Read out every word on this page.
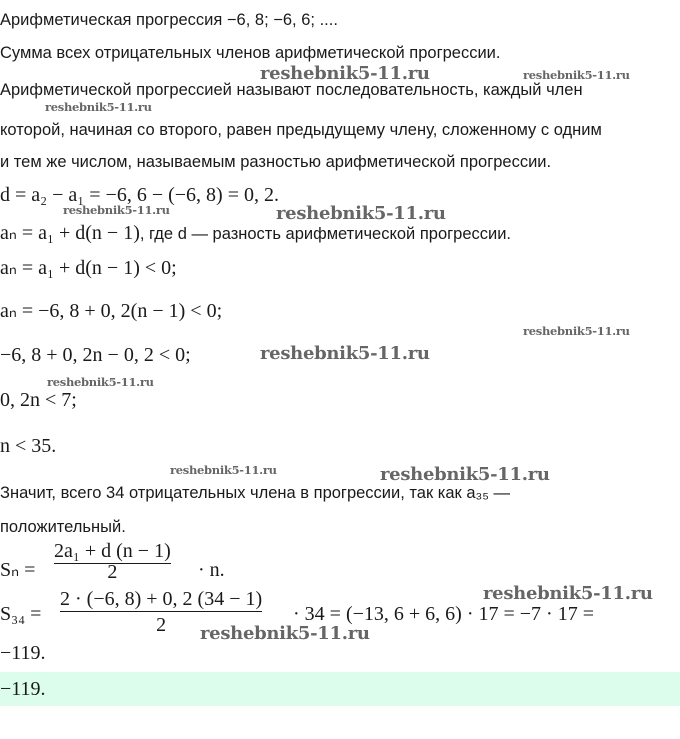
Арифметическая прогрессия −6, 8; −6, 6; ....
Сумма всех отрицательных членов арифметической прогрессии.
Арифметической прогрессией называют последовательность, каждый член
которой, начиная со второго, равен предыдущему члену, сложенному с одним
и тем же числом, называемым разностью арифметической прогрессии.
d = a₂ − a₁ = −6, 6 − (−6, 8) = 0, 2.
aₙ = a₁ + d(n − 1), где d — разность арифметической прогрессии.
aₙ = a₁ + d(n − 1) < 0;
aₙ = −6, 8 + 0, 2(n − 1) < 0;
−6, 8 + 0, 2n − 0, 2 < 0;
0, 2n < 7;
n < 35.
Значит, всего 34 отрицательных члена в прогрессии, так как a₃₅ —
положительный.
Sₙ =
2a₁ + d (n − 1)
2	· n.
S₃₄ =
2 · (−6, 8) + 0, 2 (34 − 1)
2	· 34 = (−13, 6 + 6, 6) · 17 = −7 · 17 =
−119.
−119.
reshebnik5-11.ru	reshebnik5-11.ru
reshebnik5-11.ru
reshebnik5-11.ru	reshebnik5-11.ru
reshebnik5-11.ru
reshebnik5-11.ru
reshebnik5-11.ru
reshebnik5-11.ru	reshebnik5-11.ru
reshebnik5-11.ru
reshebnik5-11.ru
